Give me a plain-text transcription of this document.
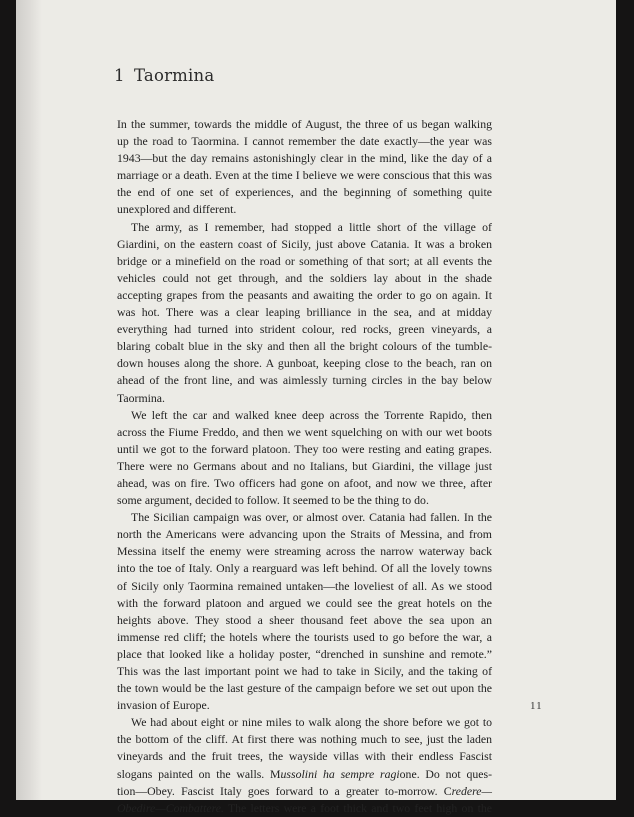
1 Taormina
In the summer, towards the middle of August, the three of us began walking
up the road to Taormina. I cannot remember the date exactly—the year was
1943—but the day remains astonishingly clear in the mind, like the day of a
marriage or a death. Even at the time I believe we were conscious that this was
the end of one set of experiences, and the beginning of something quite
unexplored and different.
The army, as I remember, had stopped a little short of the village of
Giardini, on the eastern coast of Sicily, just above Catania. It was a broken
bridge or a minefield on the road or something of that sort; at all events the
vehicles could not get through, and the soldiers lay about in the shade
accepting grapes from the peasants and awaiting the order to go on again. It
was hot. There was a clear leaping brilliance in the sea, and at midday
everything had turned into strident colour, red rocks, green vineyards, a
blaring cobalt blue in the sky and then all the bright colours of the tumble-
down houses along the shore. A gunboat, keeping close to the beach, ran on
ahead of the front line, and was aimlessly turning circles in the bay below
Taormina.
We left the car and walked knee deep across the Torrente Rapido, then
across the Fiume Freddo, and then we went squelching on with our wet boots
until we got to the forward platoon. They too were resting and eating grapes.
There were no Germans about and no Italians, but Giardini, the village just
ahead, was on fire. Two officers had gone on afoot, and now we three, after
some argument, decided to follow. It seemed to be the thing to do.
The Sicilian campaign was over, or almost over. Catania had fallen. In the
north the Americans were advancing upon the Straits of Messina, and from
Messina itself the enemy were streaming across the narrow waterway back
into the toe of Italy. Only a rearguard was left behind. Of all the lovely towns
of Sicily only Taormina remained untaken—the loveliest of all. As we stood
with the forward platoon and argued we could see the great hotels on the
heights above. They stood a sheer thousand feet above the sea upon an
immense red cliff; the hotels where the tourists used to go before the war, a
place that looked like a holiday poster, “drenched in sunshine and remote.”
This was the last important point we had to take in Sicily, and the taking of
the town would be the last gesture of the campaign before we set out upon the
invasion of Europe.
We had about eight or nine miles to walk along the shore before we got to
the bottom of the cliff. At first there was nothing much to see, just the laden
vineyards and the fruit trees, the wayside villas with their endless Fascist
slogans painted on the walls. Mussolini ha sempre ragione. Do not ques-
tion—Obey. Fascist Italy goes forward to a greater to-morrow. Credere—
Obedire—Combattere. The letters were a foot thick and two feet high on the
11
